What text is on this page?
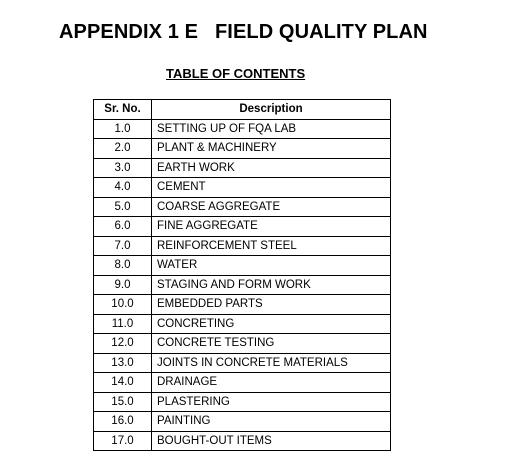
APPENDIX 1 E   FIELD QUALITY PLAN
TABLE OF CONTENTS
Sr. No.	Description
1.0	SETTING UP OF FQA LAB
2.0	PLANT & MACHINERY
3.0	EARTH WORK
4.0	CEMENT
5.0	COARSE AGGREGATE
6.0	FINE AGGREGATE
7.0	REINFORCEMENT STEEL
8.0	WATER
9.0	STAGING AND FORM WORK
10.0	EMBEDDED PARTS
11.0	CONCRETING
12.0	CONCRETE TESTING
13.0	JOINTS IN CONCRETE MATERIALS
14.0	DRAINAGE
15.0	PLASTERING
16.0	PAINTING
17.0	BOUGHT-OUT ITEMS
